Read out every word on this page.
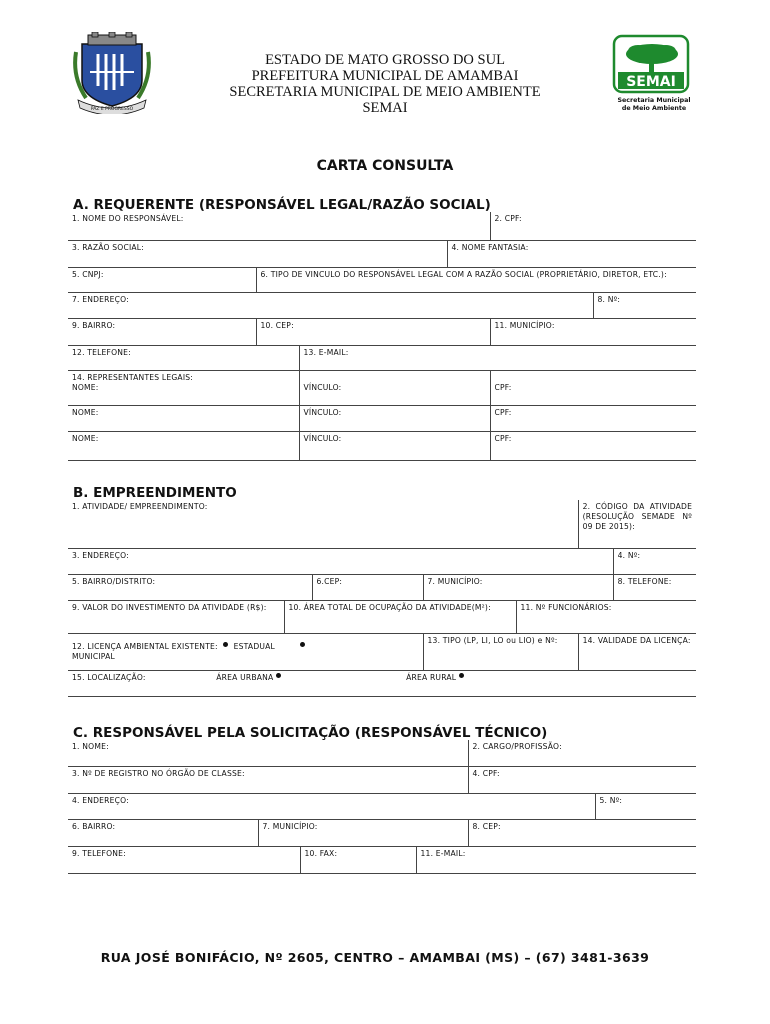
PAZ E PROGRESSO
ESTADO DE MATO GROSSO DO SUL
PREFEITURA MUNICIPAL DE AMAMBAI
SECRETARIA MUNICIPAL DE MEIO AMBIENTE
SEMAI
SEMAI
Secretaria Municipal
de Meio Ambiente
CARTA CONSULTA
A. REQUERENTE (RESPONSÁVEL LEGAL/RAZÃO SOCIAL)
1. NOME DO RESPONSÁVEL:				2. CPF:	
3. RAZÃO SOCIAL:			4. NOME FANTASIA:		
5. CNPJ:	6. TIPO DE VINCULO DO RESPONSÁVEL LEGAL COM A RAZÃO SOCIAL (PROPRIETÁRIO, DIRETOR, ETC.):				
7. ENDEREÇO:					8. Nº:
9. BAIRRO:	10. CEP:			11. MUNICÍPIO:	
12. TELEFONE:		13. E-MAIL:			
14. REPRESENTANTES LEGAIS:
NOME:		VÍNCULO:		CPF:	
NOME:		VÍNCULO:		CPF:	
NOME:		VÍNCULO:		CPF:	
B. EMPREENDIMENTO
1. ATIVIDADE/ EMPREENDIMENTO:					2. CÓDIGO DA ATIVIDADE (RESOLUÇÃO SEMADE Nº 09 DE 2015):	
3. ENDEREÇO:						4. Nº:
5. BAIRRO/DISTRITO:		6.CEP:	7. MUNICÍPIO:			8. TELEFONE:
9. VALOR DO INVESTIMENTO DA ATIVIDADE (R$):	10. ÁREA TOTAL DE OCUPAÇÃO DA ATIVIDADE(M²):			11. Nº FUNCIONÁRIOS:		
12. LICENÇA AMBIENTAL EXISTENTE: ESTADUAL
MUNICIPAL			13. TIPO (LP, LI, LO ou LIO) e Nº:		14. VALIDADE DA LICENÇA:	
15. LOCALIZAÇÃO: ÁREA URBANA ÁREA RURAL						
C. RESPONSÁVEL PELA SOLICITAÇÃO (RESPONSÁVEL TÉCNICO)
1. NOME:				2. CARGO/PROFISSÃO:	
3. Nº DE REGISTRO NO ÓRGÃO DE CLASSE:				4. CPF:	
4. ENDEREÇO:					5. Nº:
6. BAIRRO:	7. MUNICÍPIO:			8. CEP:	
9. TELEFONE:		10. FAX:	11. E-MAIL:		
RUA JOSÉ BONIFÁCIO, Nº 2605, CENTRO – AMAMBAI (MS) – (67) 3481-3639
